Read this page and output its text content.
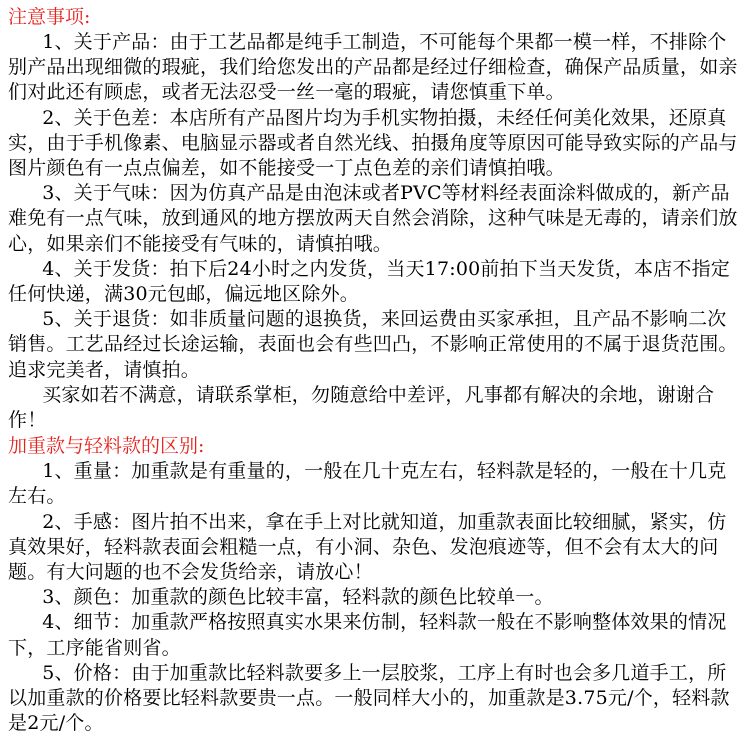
注意事项:

1、关于产品：由于工艺品都是纯手工制造，不可能每个果都一模一样，不排除个别产品出现细微的瑕疵，我们给您发出的产品都是经过仔细检查，确保产品质量，如亲们对此还有顾虑，或者无法忍受一丝一毫的瑕疵，请您慎重下单。

2、关于色差：本店所有产品图片均为手机实物拍摄，未经任何美化效果，还原真实，由于手机像素、电脑显示器或者自然光线、拍摄角度等原因可能导致实际的产品与图片颜色有一点点偏差，如不能接受一丁点色差的亲们请慎拍哦。

3、关于气味：因为仿真产品是由泡沫或者PVC等材料经表面涂料做成的，新产品难免有一点气味，放到通风的地方摆放两天自然会消除，这种气味是无毒的，请亲们放心，如果亲们不能接受有气味的，请慎拍哦。

4、关于发货：拍下后24小时之内发货，当天17:00前拍下当天发货，本店不指定任何快递，满30元包邮，偏远地区除外。

5、关于退货：如非质量问题的退换货，来回运费由买家承担，且产品不影响二次销售。工艺品经过长途运输，表面也会有些凹凸，不影响正常使用的不属于退货范围。追求完美者，请慎拍。

买家如若不满意，请联系掌柜，勿随意给中差评，凡事都有解决的余地，谢谢合作！

加重款与轻料款的区别:

1、重量：加重款是有重量的，一般在几十克左右，轻料款是轻的，一般在十几克左右。

2、手感：图片拍不出来，拿在手上对比就知道，加重款表面比较细腻，紧实，仿真效果好，轻料款表面会粗糙一点，有小洞、杂色、发泡痕迹等，但不会有太大的问题。有大问题的也不会发货给亲，请放心！

3、颜色：加重款的颜色比较丰富，轻料款的颜色比较单一。

4、细节：加重款严格按照真实水果来仿制，轻料款一般在不影响整体效果的情况下，工序能省则省。

5、价格：由于加重款比轻料款要多上一层胶浆，工序上有时也会多几道手工，所以加重款的价格要比轻料款要贵一点。一般同样大小的，加重款是3.75元/个，轻料款是2元/个。
